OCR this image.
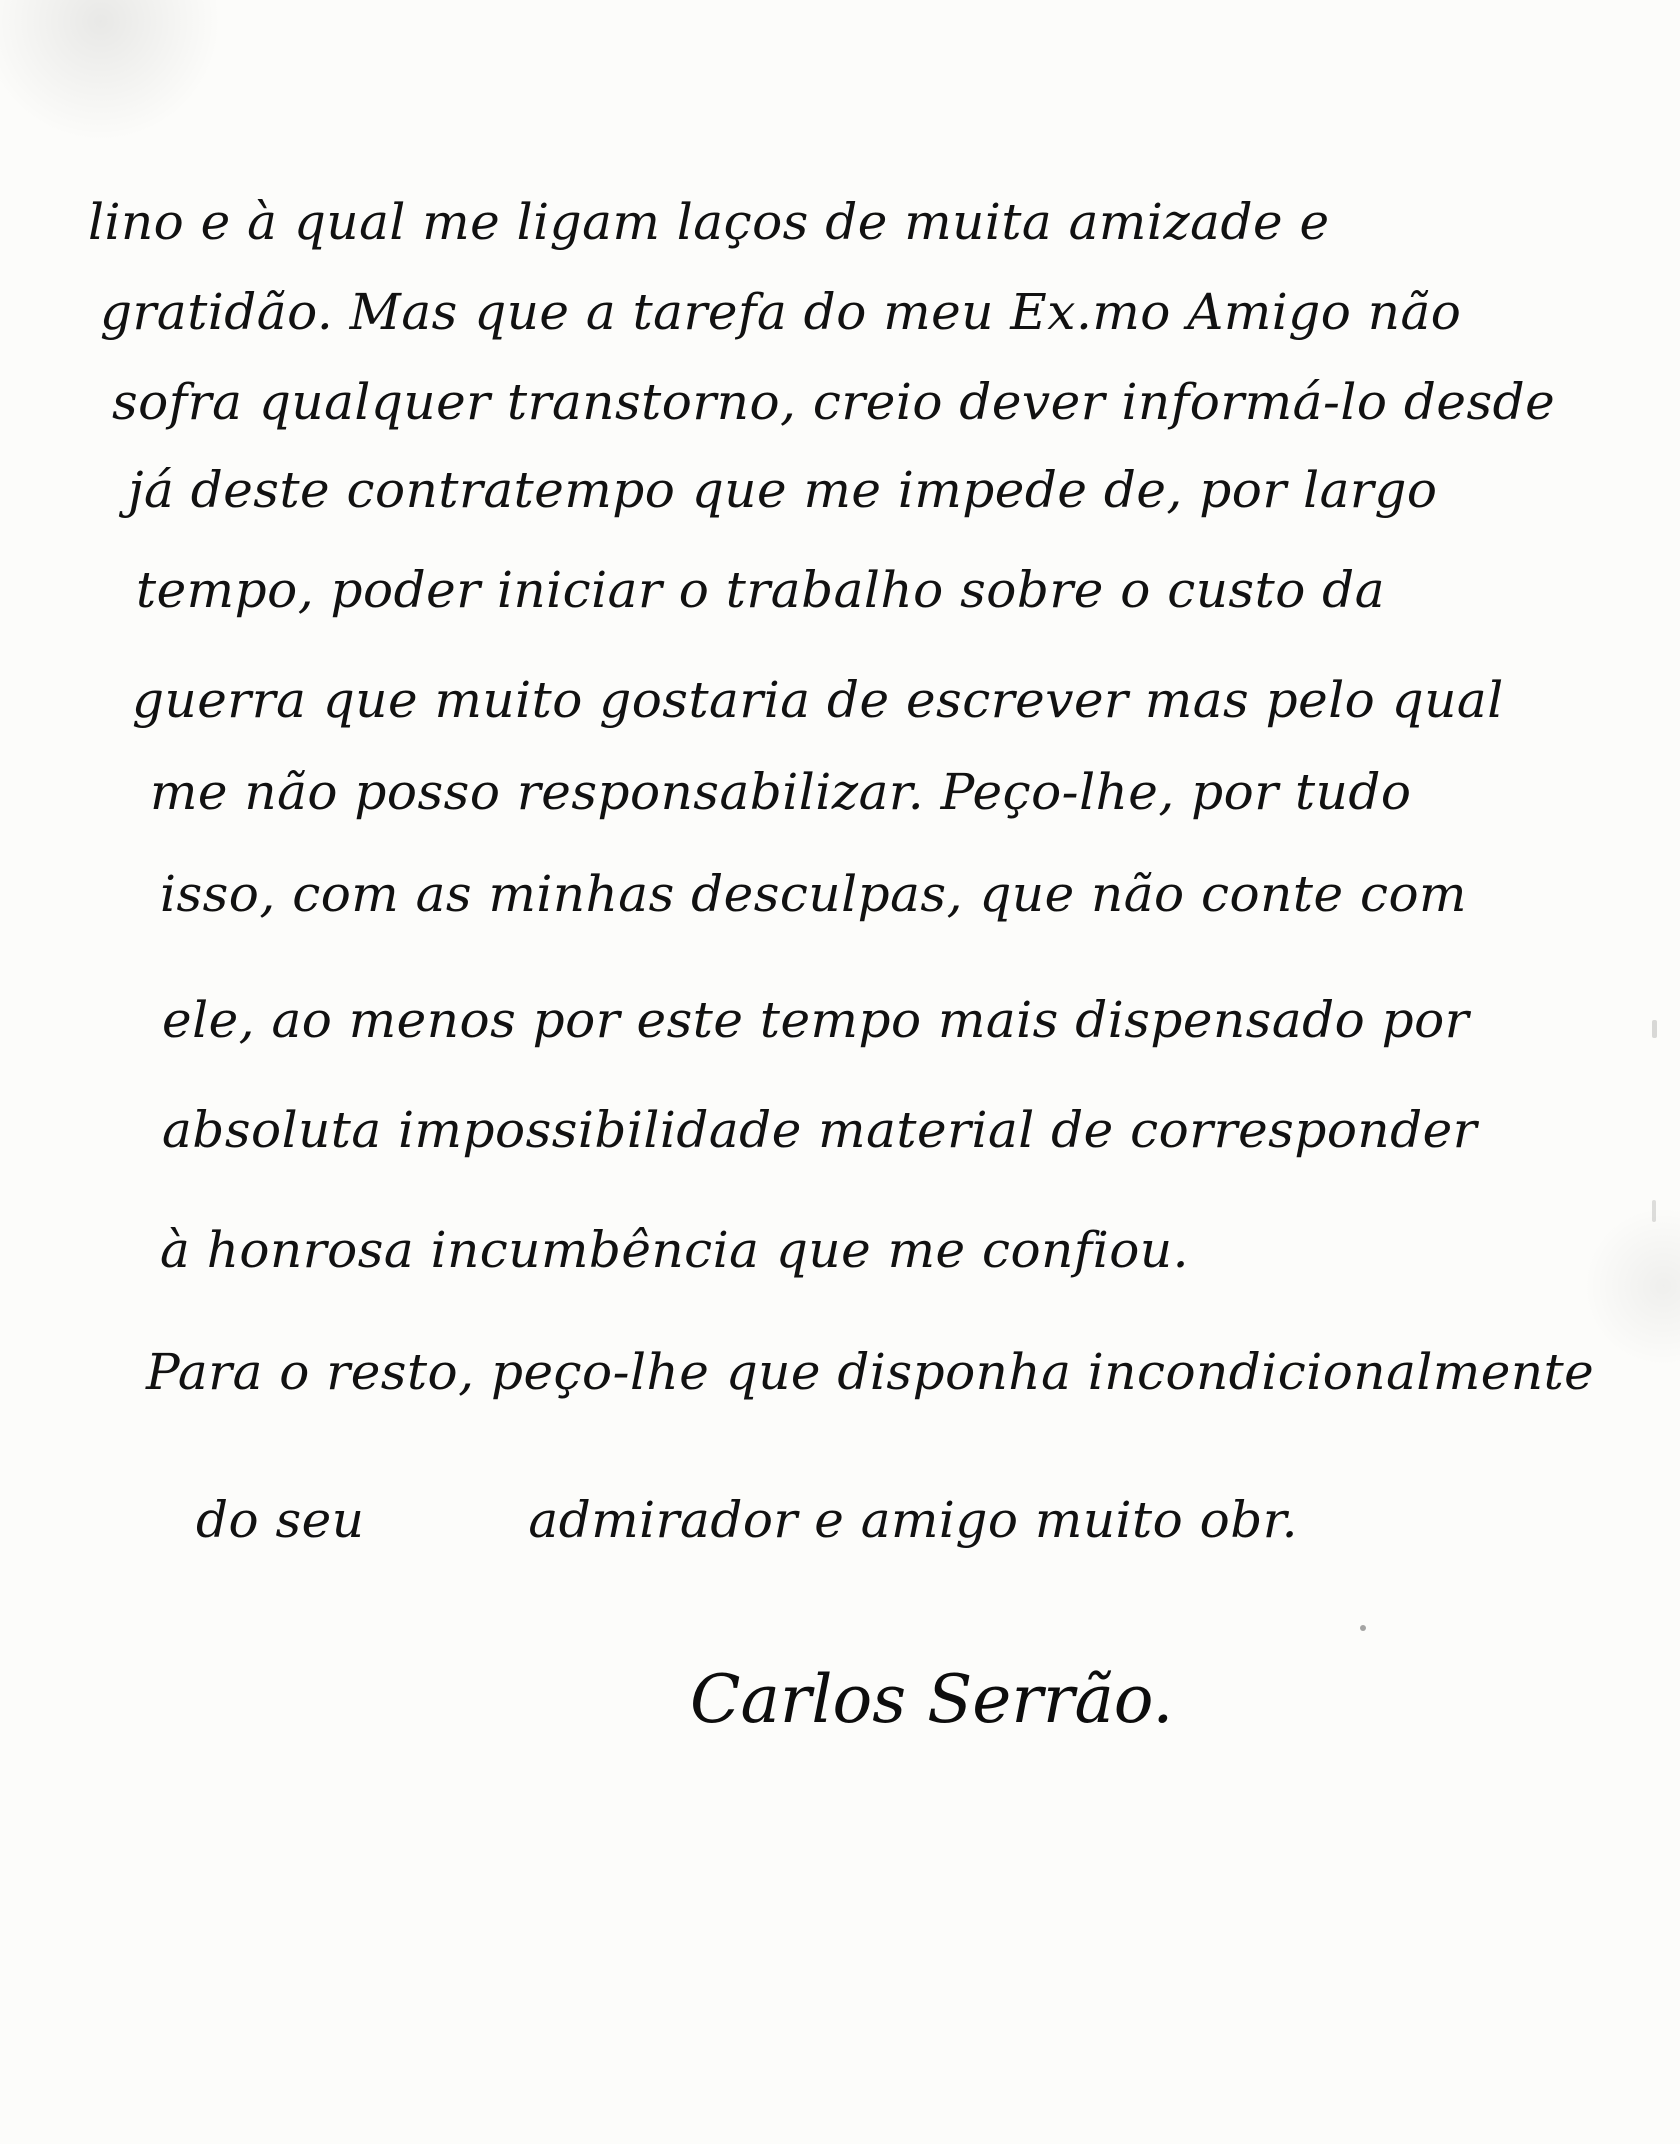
lino e à qual me ligam laços de muita amizade e
gratidão. Mas que a tarefa do meu Ex.mo Amigo não
sofra qualquer transtorno, creio dever informá-lo desde
já deste contratempo que me impede de, por largo
tempo, poder iniciar o trabalho sobre o custo da
guerra que muito gostaria de escrever mas pelo qual
me não posso responsabilizar. Peço-lhe, por tudo
isso, com as minhas desculpas, que não conte com
ele, ao menos por este tempo mais dispensado por
absoluta impossibilidade material de corresponder
à honrosa incumbência que me confiou.
Para o resto, peço-lhe que disponha incondicionalmente
do seu          admirador e amigo muito obr.
Carlos Serrão.
